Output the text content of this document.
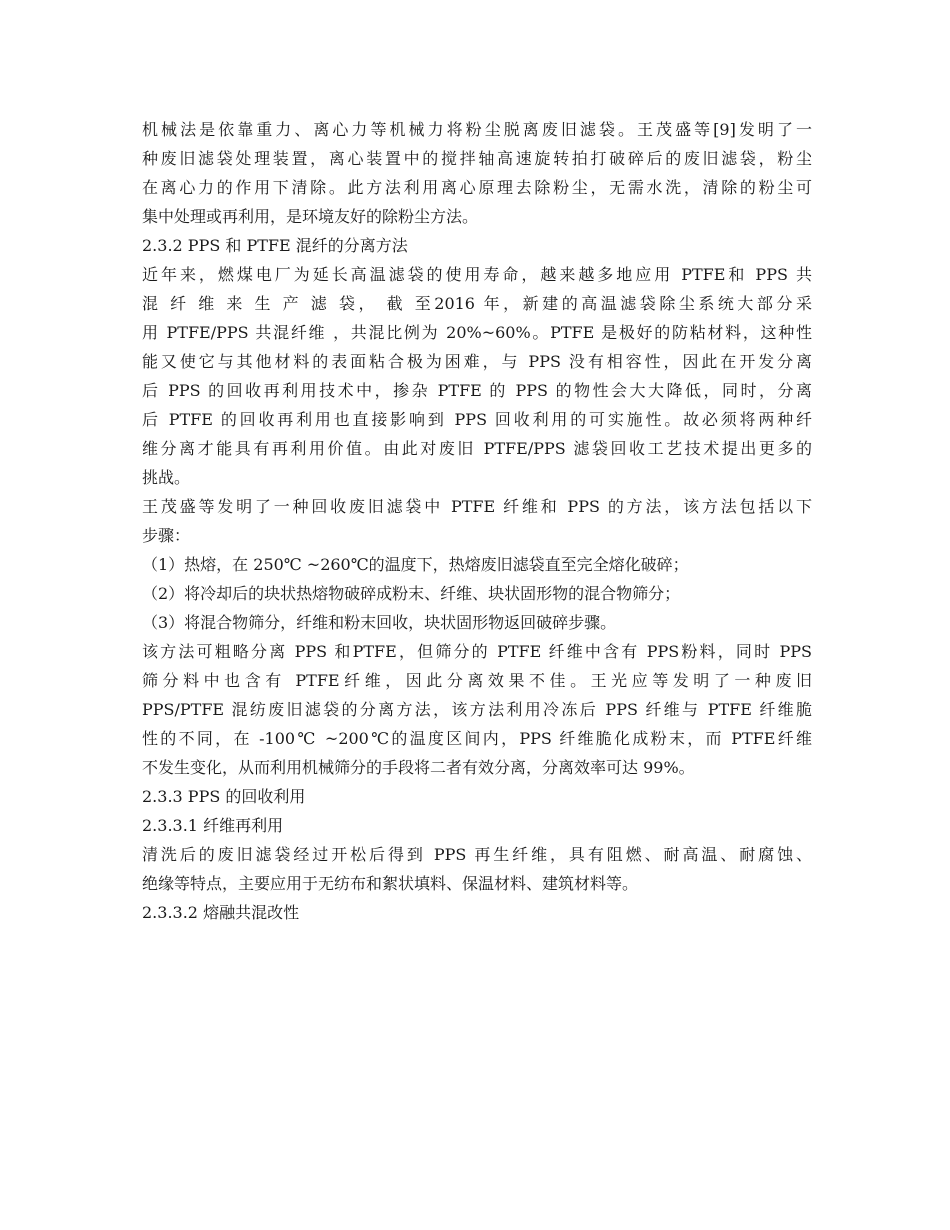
机械法是依靠重力、离心力等机械力将粉尘脱离废旧滤袋。王茂盛等[9]发明了一
种废旧滤袋处理装置，离心装置中的搅拌轴高速旋转拍打破碎后的废旧滤袋，粉尘
在离心力的作用下清除。此方法利用离心原理去除粉尘，无需水洗，清除的粉尘可
集中处理或再利用，是环境友好的除粉尘方法。
2.3.2 PPS 和 PTFE 混纤的分离方法
近年来，燃煤电厂为延长高温滤袋的使用寿命，越来越多地应用 PTFE和 PPS 共
混 纤 维 来 生 产 滤 袋， 截 至2016 年，新建的高温滤袋除尘系统大部分采
用 PTFE/PPS 共混纤维 ，共混比例为 20%~60%。PTFE 是极好的防粘材料，这种性
能又使它与其他材料的表面粘合极为困难，与 PPS 没有相容性，因此在开发分离
后 PPS 的回收再利用技术中，掺杂 PTFE 的 PPS 的物性会大大降低，同时，分离
后 PTFE 的回收再利用也直接影响到 PPS 回收利用的可实施性。故必须将两种纤
维分离才能具有再利用价值。由此对废旧 PTFE/PPS 滤袋回收工艺技术提出更多的
挑战。
王茂盛等发明了一种回收废旧滤袋中 PTFE 纤维和 PPS 的方法，该方法包括以下
步骤：
（1）热熔，在 250℃ ~260℃的温度下，热熔废旧滤袋直至完全熔化破碎；
（2）将冷却后的块状热熔物破碎成粉末、纤维、块状固形物的混合物筛分；
（3）将混合物筛分，纤维和粉末回收，块状固形物返回破碎步骤。
该方法可粗略分离 PPS 和PTFE，但筛分的 PTFE 纤维中含有 PPS粉料，同时 PPS
筛分料中也含有 PTFE纤维，因此分离效果不佳。王光应等发明了一种废旧
PPS/PTFE 混纺废旧滤袋的分离方法，该方法利用冷冻后 PPS 纤维与 PTFE 纤维脆
性的不同，在 -100℃ ~200℃的温度区间内，PPS 纤维脆化成粉末，而 PTFE纤维
不发生变化，从而利用机械筛分的手段将二者有效分离，分离效率可达 99%。
2.3.3 PPS 的回收利用
2.3.3.1 纤维再利用
清洗后的废旧滤袋经过开松后得到 PPS 再生纤维，具有阻燃、耐高温、耐腐蚀、
绝缘等特点，主要应用于无纺布和絮状填料、保温材料、建筑材料等。
2.3.3.2 熔融共混改性
